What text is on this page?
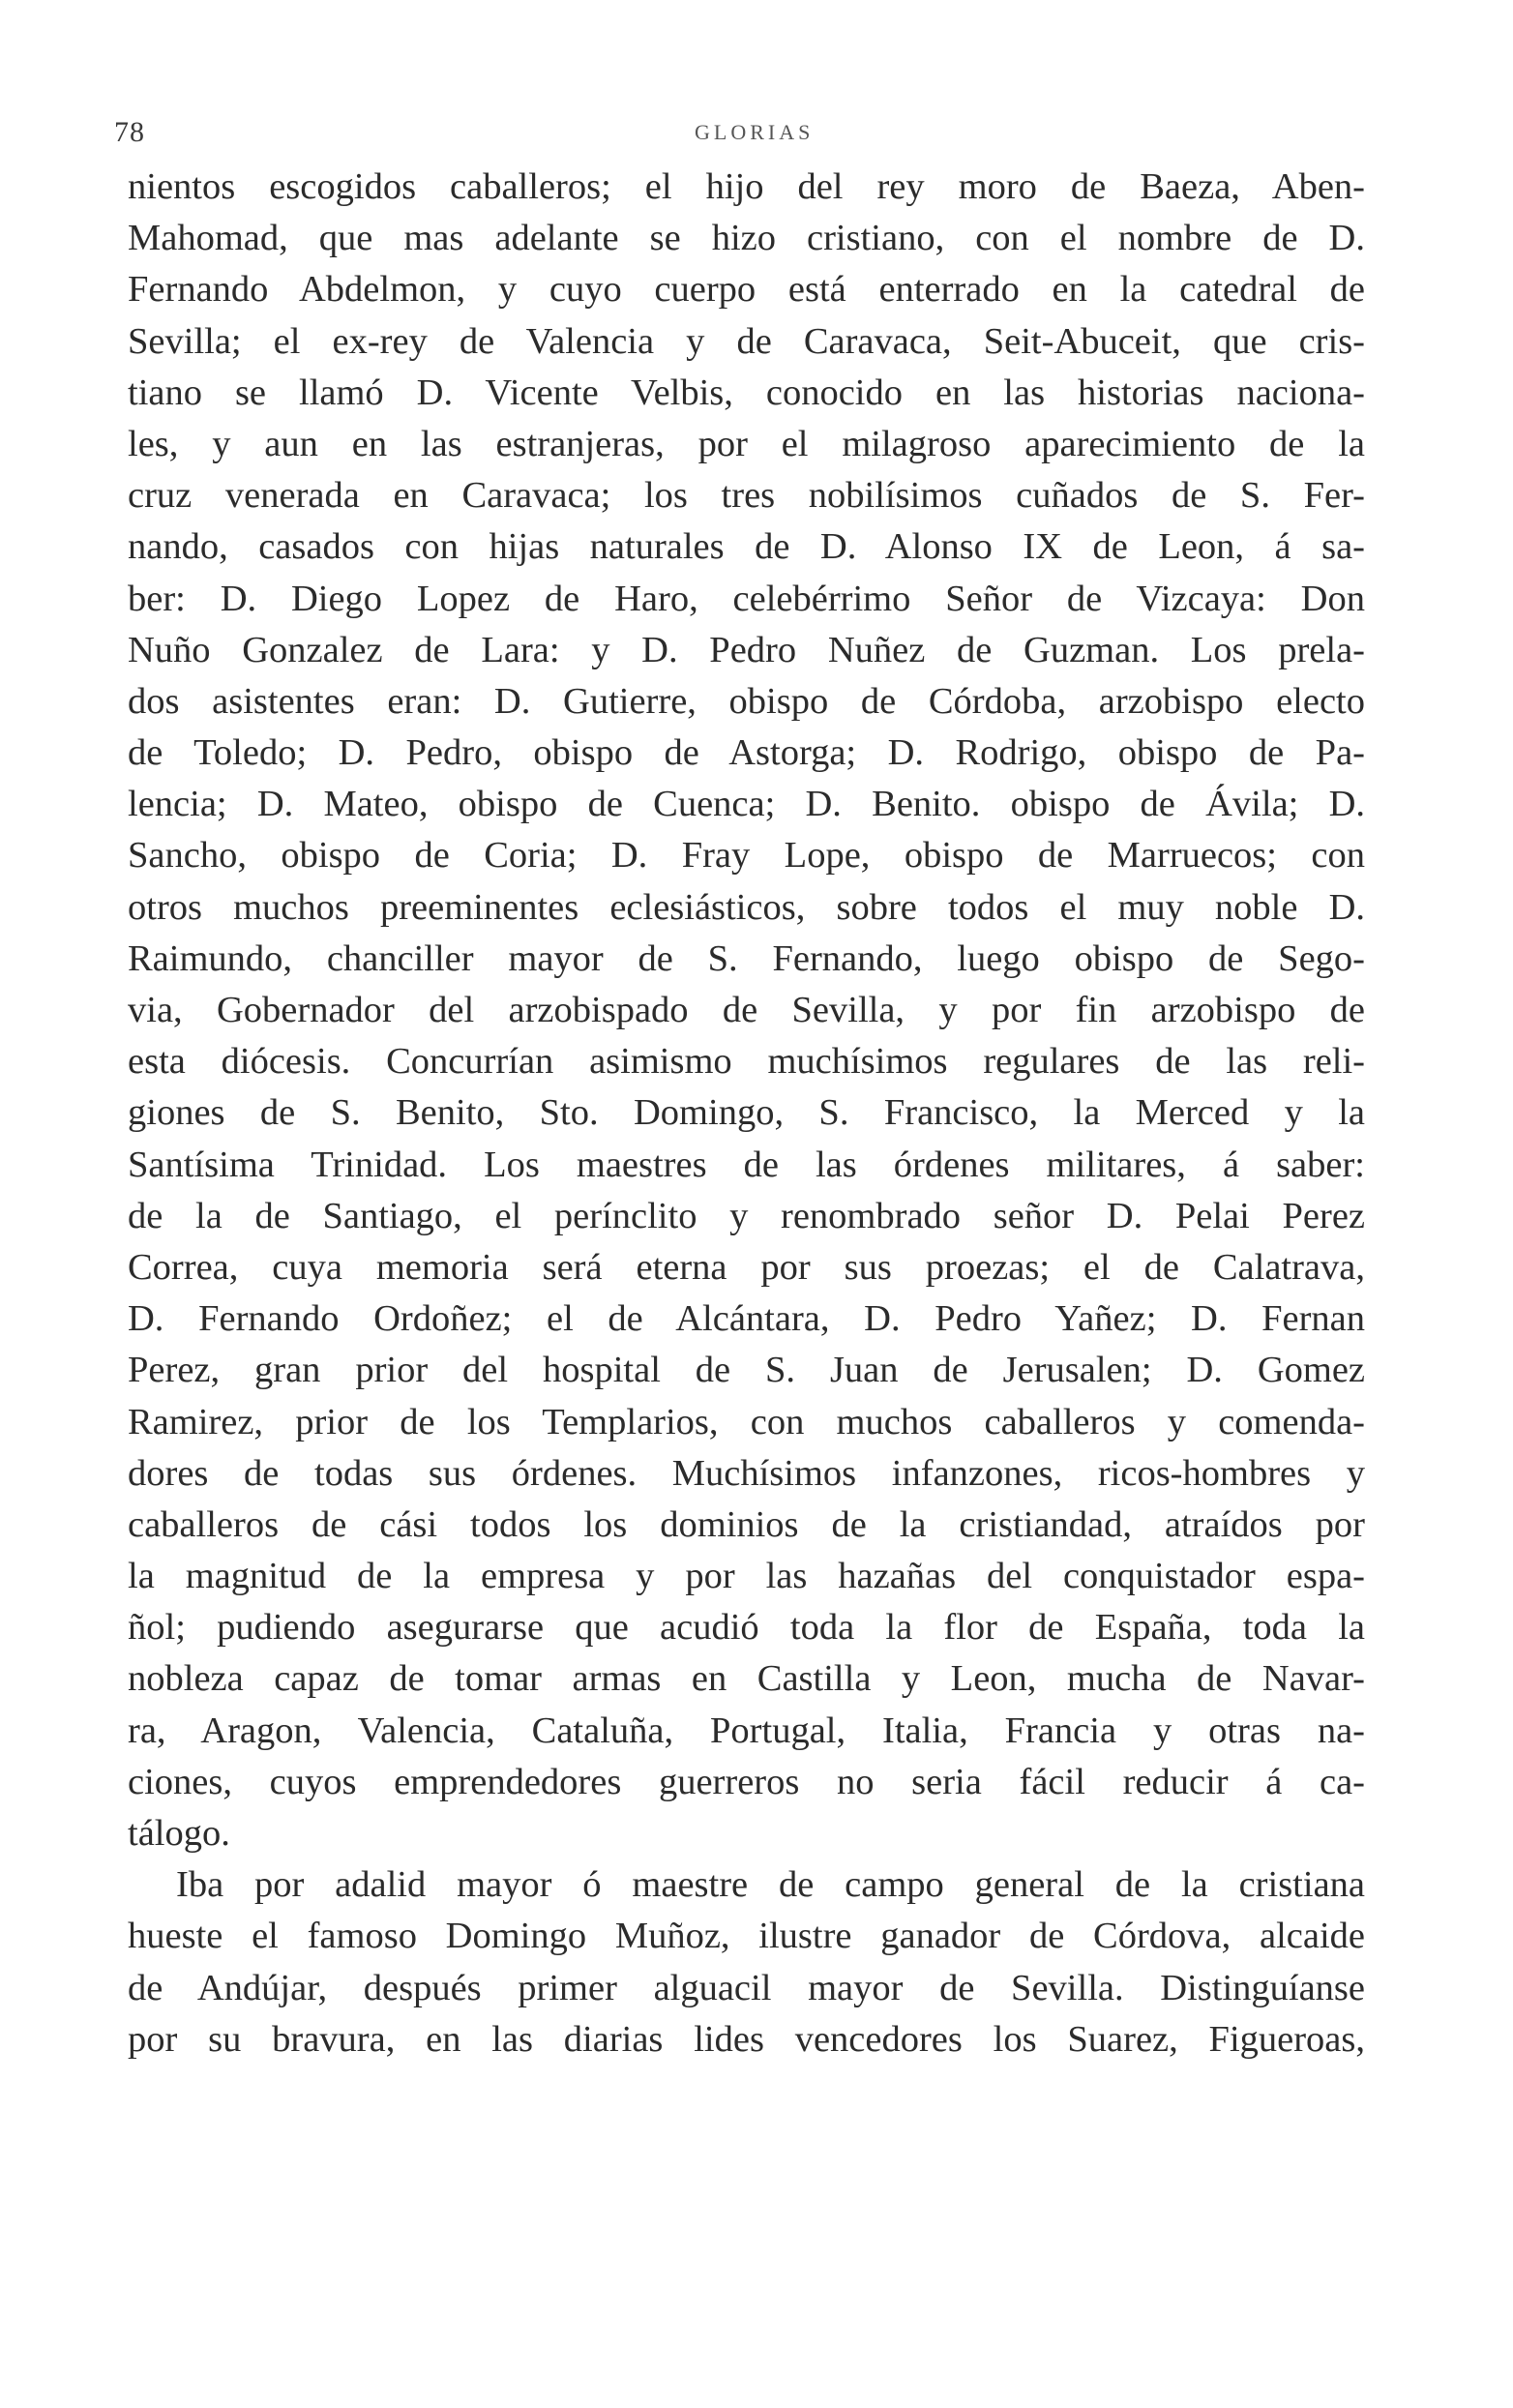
78	GLORIAS
nientos escogidos caballeros; el hijo del rey moro de Baeza, Aben-
Mahomad, que mas adelante se hizo cristiano, con el nombre de D.
Fernando Abdelmon, y cuyo cuerpo está enterrado en la catedral de
Sevilla; el ex-rey de Valencia y de Caravaca, Seit-Abuceit, que cris-
tiano se llamó D. Vicente Velbis, conocido en las historias naciona-
les, y aun en las estranjeras, por el milagroso aparecimiento de la
cruz venerada en Caravaca; los tres nobilísimos cuñados de S. Fer-
nando, casados con hijas naturales de D. Alonso IX de Leon, á sa-
ber: D. Diego Lopez de Haro, celebérrimo Señor de Vizcaya: Don
Nuño Gonzalez de Lara: y D. Pedro Nuñez de Guzman. Los prela-
dos asistentes eran: D. Gutierre, obispo de Córdoba, arzobispo electo
de Toledo; D. Pedro, obispo de Astorga; D. Rodrigo, obispo de Pa-
lencia; D. Mateo, obispo de Cuenca; D. Benito. obispo de Ávila; D.
Sancho, obispo de Coria; D. Fray Lope, obispo de Marruecos; con
otros muchos preeminentes eclesiásticos, sobre todos el muy noble D.
Raimundo, chanciller mayor de S. Fernando, luego obispo de Sego-
via, Gobernador del arzobispado de Sevilla, y por fin arzobispo de
esta diócesis. Concurrían asimismo muchísimos regulares de las reli-
giones de S. Benito, Sto. Domingo, S. Francisco, la Merced y la
Santísima Trinidad. Los maestres de las órdenes militares, á saber:
de la de Santiago, el perínclito y renombrado señor D. Pelai Perez
Correa, cuya memoria será eterna por sus proezas; el de Calatrava,
D. Fernando Ordoñez; el de Alcántara, D. Pedro Yañez; D. Fernan
Perez, gran prior del hospital de S. Juan de Jerusalen; D. Gomez
Ramirez, prior de los Templarios, con muchos caballeros y comenda-
dores de todas sus órdenes. Muchísimos infanzones, ricos-hombres y
caballeros de cási todos los dominios de la cristiandad, atraídos por
la magnitud de la empresa y por las hazañas del conquistador espa-
ñol; pudiendo asegurarse que acudió toda la flor de España, toda la
nobleza capaz de tomar armas en Castilla y Leon, mucha de Navar-
ra, Aragon, Valencia, Cataluña, Portugal, Italia, Francia y otras na-
ciones, cuyos emprendedores guerreros no seria fácil reducir á ca-
tálogo.
Iba por adalid mayor ó maestre de campo general de la cristiana
hueste el famoso Domingo Muñoz, ilustre ganador de Córdova, alcaide
de Andújar, después primer alguacil mayor de Sevilla. Distinguíanse
por su bravura, en las diarias lides vencedores los Suarez, Figueroas,
